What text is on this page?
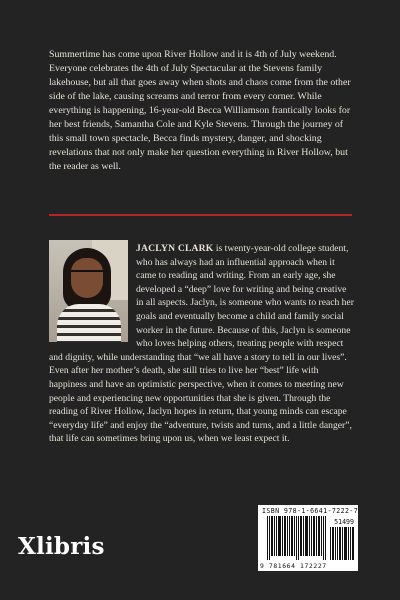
Summertime has come upon River Hollow and it is 4th of July weekend. Everyone celebrates the 4th of July Spectacular at the Stevens family lakehouse, but all that goes away when shots and chaos come from the other side of the lake, causing screams and terror from every corner. While everything is happening, 16-year-old Becca Williamson frantically looks for her best friends, Samantha Cole and Kyle Stevens. Through the journey of this small town spectacle, Becca finds mystery, danger, and shocking revelations that not only make her question everything in River Hollow, but the reader as well.

JACLYN CLARK is twenty-year-old college student, who has always had an influential approach when it came to reading and writing. From an early age, she developed a “deep” love for writing and being creative in all aspects. Jaclyn, is someone who wants to reach her goals and eventually become a child and family social worker in the future. Because of this, Jaclyn is someone who loves helping others, treating people with respect and dignity, while understanding that “we all have a story to tell in our lives”. Even after her mother’s death, she still tries to live her “best” life with happiness and have an optimistic perspective, when it comes to meeting new people and experiencing new opportunities that she is given. Through the reading of River Hollow, Jaclyn hopes in return, that young minds can escape “everyday life” and enjoy the “adventure, twists and turns, and a little danger”, that life can sometimes bring upon us, when we least expect it.

ISBN 978-1-6641-7222-7
51499
9 781664 172227
Xlibris
